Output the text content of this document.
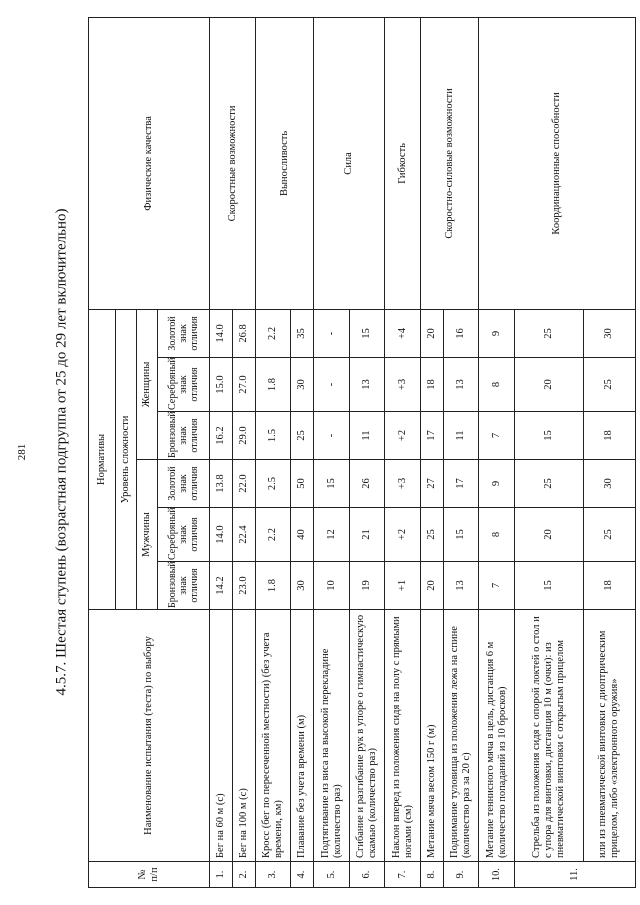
281 4.5.7. Шестая ступень (возрастная подгруппа от 25 до 29 лет включительно)
№ п/п	Наименование испытания (теста) по выбору	Нормативы						Физические качества
		Уровень сложности						
		Мужчины			Женщины			
		Бронзовый знак отличия	Серебряный знак отличия	Золотой знак отличия	Бронзовый знак отличия	Серебряный знак отличия	Золотой знак отличия	
1.	Бег на 60 м (с)	14.2	14.0	13.8	16.2	15.0	14.0	Скоростные возможности
2.	Бег на 100 м (с)	23.0	22.4	22.0	29.0	27.0	26.8	
3.	Кросс (бег по пересеченной местности) (без учета времени, км)	1.8	2.2	2.5	1.5	1.8	2.2	Выносливость
4.	Плавание без учета времени (м)	30	40	50	25	30	35	
5.	Подтягивание из виса на высокой перекладине (количество раз)	10	12	15	-	-	-	Сила
6.	Сгибание и разгибание рук в упоре о гимнастическую скамью (количество раз)	19	21	26	11	13	15	
7.	Наклон вперед из положения сидя на полу с прямыми ногами (см)	+1	+2	+3	+2	+3	+4	Гибкость
8.	Метание мяча весом 150 г (м)	20	25	27	17	18	20	Скоростно-силовые возможности
9.	Поднимание туловища из положения лежа на спине (количество раз за 20 с)	13	15	17	11	13	16	
10.	Метание теннисного мяча в цель, дистанция 6 м (количество попаданий из 10 бросков)	7	8	9	7	8	9	Координационные способности
11.	Стрельба из положения сидя с опорой локтей о стол и с упора для винтовки, дистанция 10 м (очки): из пневматической винтовки с открытым прицелом	15	20	25	15	20	25	
	или из пневматической винтовки с диоптрическим прицелом, либо «электронного оружия»	18	25	30	18	25	30	
